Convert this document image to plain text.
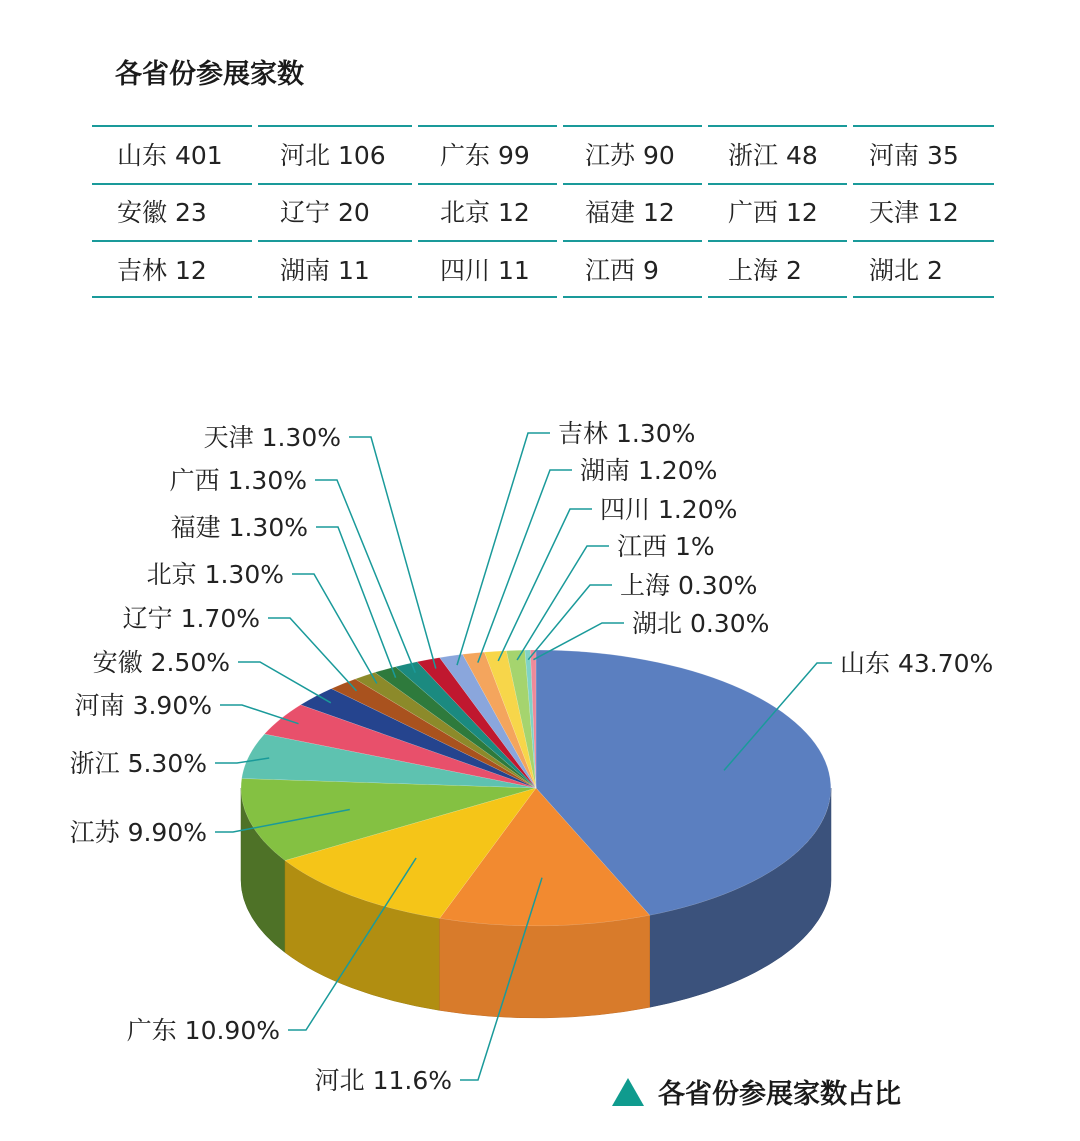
各省份参展家数
山东 401	河北 106	广东 99	江苏 90	浙江 48	河南 35
安徽 23	辽宁 20	北京 12	福建 12	广西 12	天津 12
吉林 12	湖南 11	四川 11	江西 9	上海 2	湖北 2
山东 43.70%
河北 11.6%
广东 10.90%
江苏 9.90%
浙江 5.30%
河南 3.90%
安徽 2.50%
辽宁 1.70%
北京 1.30%
福建 1.30%
广西 1.30%
天津 1.30%	吉林 1.30%
湖南 1.20%
四川 1.20%
江西 1%
上海 0.30%
湖北 0.30%
各省份参展家数占比
